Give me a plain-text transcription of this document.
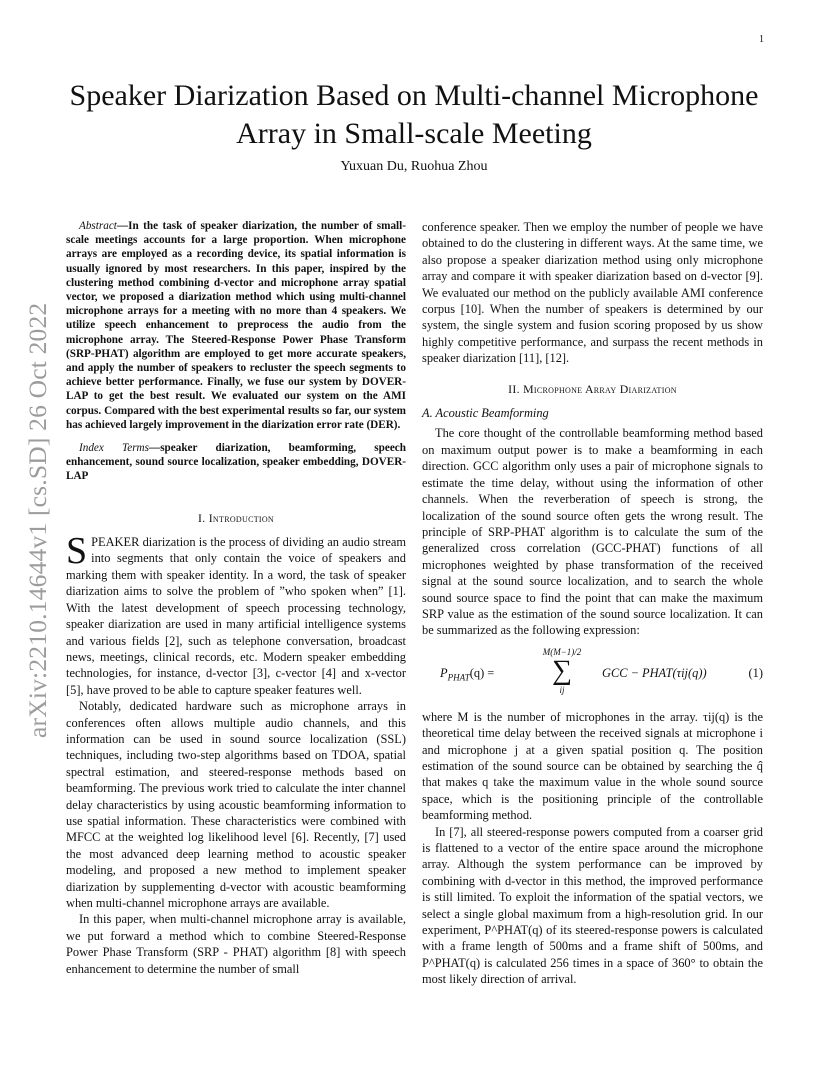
1
arXiv:2210.14644v1 [cs.SD] 26 Oct 2022
Speaker Diarization Based on Multi-channel Microphone Array in Small-scale Meeting
Yuxuan Du, Ruohua Zhou

Abstract—In the task of speaker diarization, the number of small-scale meetings accounts for a large proportion. When microphone arrays are employed as a recording device, its spatial information is usually ignored by most researchers. In this paper, inspired by the clustering method combining d-vector and microphone array spatial vector, we proposed a diarization method which using multi-channel microphone arrays for a meeting with no more than 4 speakers. We utilize speech enhancement to preprocess the audio from the microphone array. The Steered-Response Power Phase Transform (SRP-PHAT) algorithm are employed to get more accurate speakers, and apply the number of speakers to recluster the speech segments to achieve better performance. Finally, we fuse our system by DOVER-LAP to get the best result. We evaluated our system on the AMI corpus. Compared with the best experimental results so far, our system has achieved largely improvement in the diarization error rate (DER).

Index Terms—speaker diarization, beamforming, speech enhancement, sound source localization, speaker embedding, DOVER-LAP

I. Introduction

SPEAKER diarization is the process of dividing an audio stream into segments that only contain the voice of speakers and marking them with speaker identity. In a word, the task of speaker diarization aims to solve the problem of ”who spoken when” [1]. With the latest development of speech processing technology, speaker diarization are used in many artificial intelligence systems and various fields [2], such as telephone conversation, broadcast news, meetings, clinical records, etc. Modern speaker embedding technologies, for instance, d-vector [3], c-vector [4] and x-vector [5], have proved to be able to capture speaker features well.

Notably, dedicated hardware such as microphone arrays in conferences often allows multiple audio channels, and this information can be used in sound source localization (SSL) techniques, including two-step algorithms based on TDOA, spatial spectral estimation, and steered-response methods based on beamforming. The previous work tried to calculate the inter channel delay characteristics by using acoustic beamforming information to use spatial information. These characteristics were combined with MFCC at the weighted log likelihood level [6]. Recently, [7] used the most advanced deep learning method to acoustic speaker modeling, and proposed a new method to implement speaker diarization by supplementing d-vector with acoustic beamforming when multi-channel microphone arrays are available.

In this paper, when multi-channel microphone array is available, we put forward a method which to combine Steered-Response Power Phase Transform (SRP - PHAT) algorithm [8] with speech enhancement to determine the number of small

conference speaker. Then we employ the number of people we have obtained to do the clustering in different ways. At the same time, we also propose a speaker diarization method using only microphone array and compare it with speaker diarization based on d-vector [9]. We evaluated our method on the publicly available AMI conference corpus [10]. When the number of speakers is determined by our system, the single system and fusion scoring proposed by us show highly competitive performance, and surpass the recent methods in speaker diarization [11], [12].

II. Microphone Array Diarization

A. Acoustic Beamforming

The core thought of the controllable beamforming method based on maximum output power is to make a beamforming in each direction. GCC algorithm only uses a pair of microphone signals to estimate the time delay, without using the information of other channels. When the reverberation of speech is strong, the localization of the sound source often gets the wrong result. The principle of SRP-PHAT algorithm is to calculate the sum of the generalized cross correlation (GCC-PHAT) functions of all microphones weighted by phase transformation of the received signal at the sound source localization, and to search the whole sound source space to find the point that can make the maximum SRP value as the estimation of the sound source localization. It can be summarized as the following expression:

$P_{PHAT}(q)$ =
M(M−1)/2
∑
ij
GCC − PHAT(τij(q))	(1)

where M is the number of microphones in the array. τij(q) is the theoretical time delay between the received signals at microphone i and microphone j at a given spatial position q. The position estimation of the sound source can be obtained by searching the q̂ that makes q take the maximum value in the whole sound source space, which is the positioning principle of the controllable beamforming method.

In [7], all steered-response powers computed from a coarser grid is flattened to a vector of the entire space around the microphone array. Although the system performance can be improved by combining with d-vector in this method, the improved performance is still limited. To exploit the information of the spatial vectors, we select a single global maximum from a high-resolution grid. In our experiment, P^PHAT(q) of its steered-response powers is calculated with a frame length of 500ms and a frame shift of 500ms, and P^PHAT(q) is calculated 256 times in a space of 360° to obtain the most likely direction of arrival.
